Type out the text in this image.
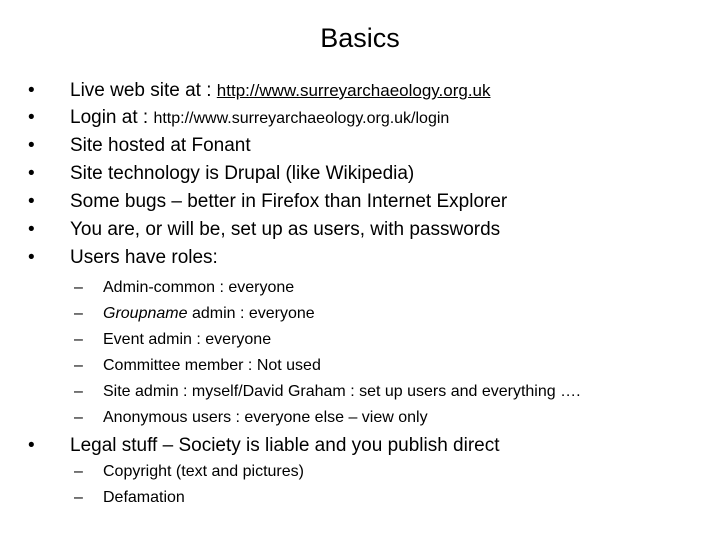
Basics
• Live web site at : http://www.surreyarchaeology.org.uk
• Login at : http://www.surreyarchaeology.org.uk/login
• Site hosted at Fonant
• Site technology is Drupal (like Wikipedia)
• Some bugs – better in Firefox than Internet Explorer
• You are, or will be, set up as users, with passwords
• Users have roles:
– Admin-common : everyone
– Groupname admin : everyone
– Event admin : everyone
– Committee member : Not used
– Site admin : myself/David Graham : set up users and everything ….
– Anonymous users : everyone else – view only
• Legal stuff – Society is liable and you publish direct
– Copyright (text and pictures)
– Defamation
